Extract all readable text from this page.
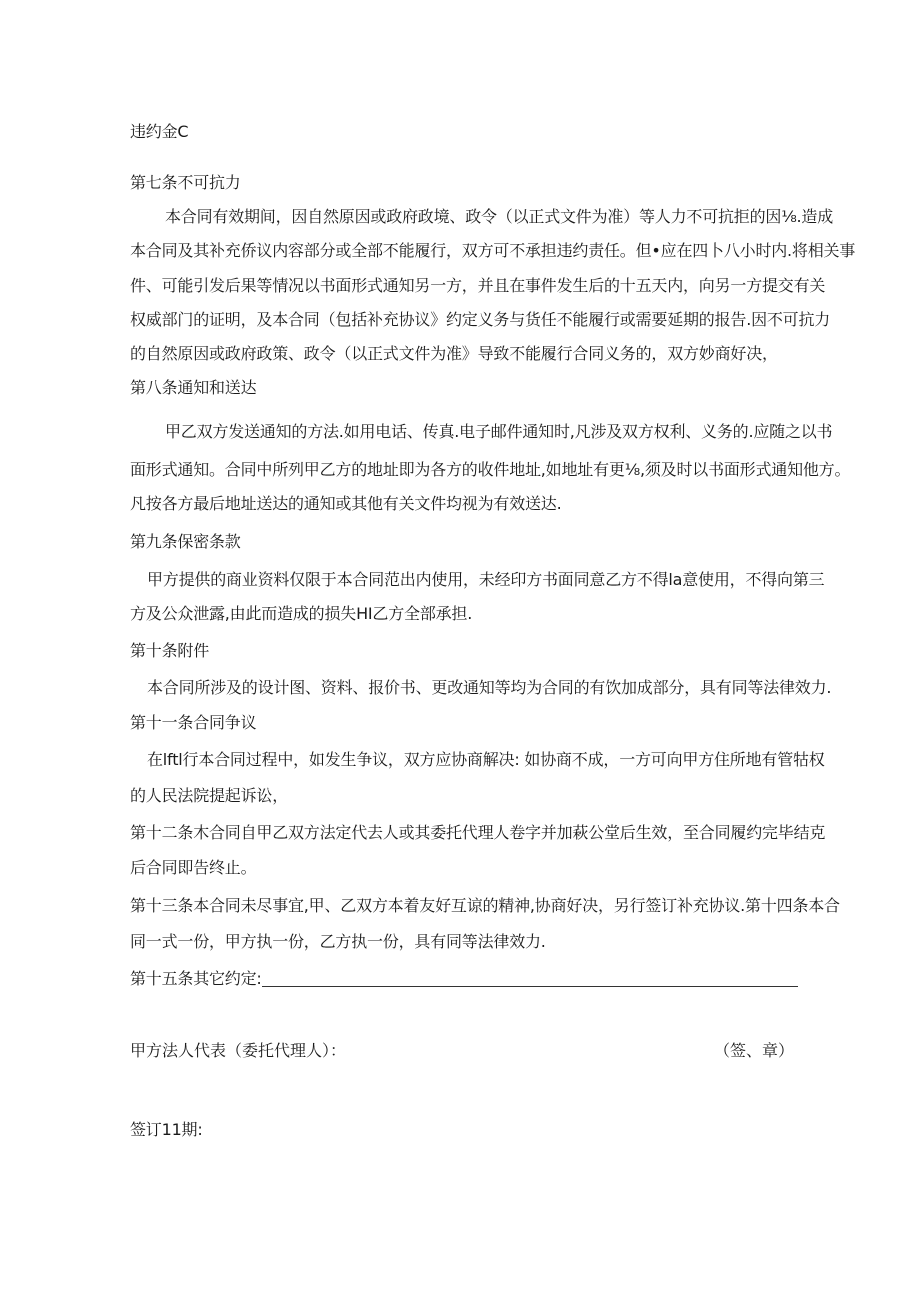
违约金C
第七条不可抗力
本合同有效期间，因自然原因或政府政境、政令（以正式文件为准）等人力不可抗拒的因⅛.造成
本合同及其补充侨议内容部分或全部不能履行，双方可不承担违约责任。但•应在四卜八小时内.将相关事
件、可能引发后果等情况以书面形式通知另一方，并且在事件发生后的十五天内，向另一方提交有关
权威部门的证明，及本合同（包括补充协议》约定义务与货任不能履行或需要延期的报告.因不可抗力
的自然原因或政府政策、政令（以正式文件为准》导致不能履行合同义务的，双方妙商好决，
第八条通知和送达
甲乙双方发送通知的方法.如用电话、传真.电子邮件通知时,凡涉及双方权利、义务的.应随之以书
面形式通知。合同中所列甲乙方的地址即为各方的收件地址,如地址有更⅛,须及时以书面形式通知他方。
凡按各方最后地址送达的通知或其他有关文件均视为有效送达.
第九条保密条款
甲方提供的商业资料仅限于本合同范出内使用，未经印方书面同意乙方不得la意使用，不得向第三
方及公众泄露,由此而造成的损失HI乙方全部承担.
第十条附件
本合同所涉及的设计图、资料、报价书、更改通知等均为合同的有饮加成部分，具有同等法律效力.
第十一条合同争议
在lftl行本合同过程中，如发生争议，双方应协商解决: 如协商不成，一方可向甲方住所地有管牯权
的人民法院提起诉讼，
第十二条木合同自甲乙双方法定代去人或其委托代理人卷字并加萩公堂后生效，至合同履约完毕结克
后合同即告终止。
第十三条本合同未尽事宜,甲、乙双方本着友好互谅的精神,协商好决，另行签订补充协议.第十四条本合
同一式一份，甲方执一份，乙方执一份，具有同等法律效力.
第十五条其它约定:
甲方法人代表（委托代理人）：	（签、章）
签订11期:
